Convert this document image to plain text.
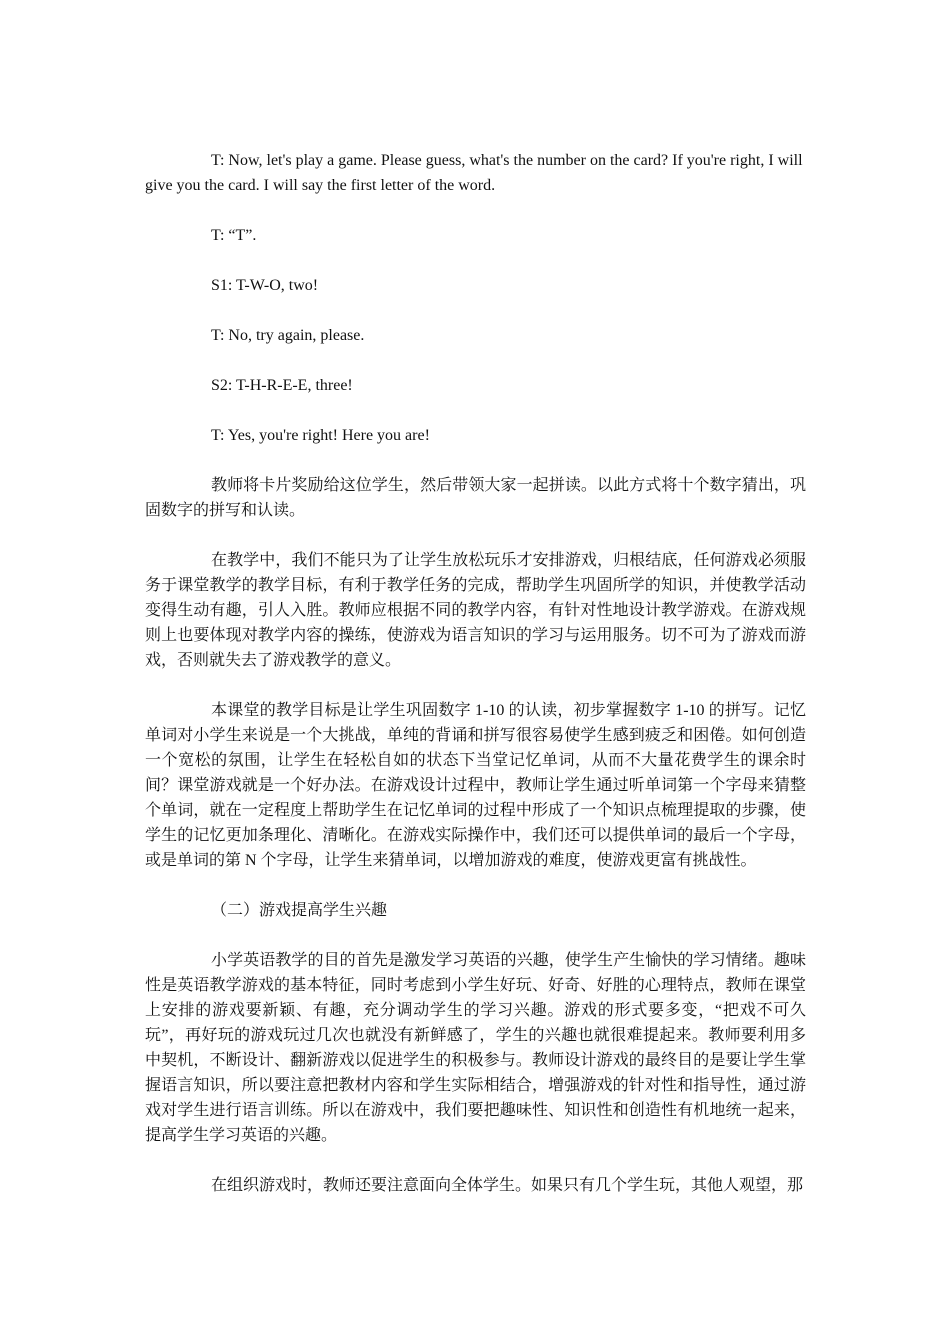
T: Now, let's play a game. Please guess, what's the number on the card? If you're right, I will give you the card. I will say the first letter of the word.

T: “T”.

S1: T-W-O, two!

T: No, try again, please.

S2: T-H-R-E-E, three!

T: Yes, you're right! Here you are!

教师将卡片奖励给这位学生，然后带领大家一起拼读。以此方式将十个数字猜出，巩固数字的拼写和认读。

在教学中，我们不能只为了让学生放松玩乐才安排游戏，归根结底，任何游戏必须服务于课堂教学的教学目标，有利于教学任务的完成，帮助学生巩固所学的知识，并使教学活动变得生动有趣，引人入胜。教师应根据不同的教学内容，有针对性地设计教学游戏。在游戏规则上也要体现对教学内容的操练，使游戏为语言知识的学习与运用服务。切不可为了游戏而游戏，否则就失去了游戏教学的意义。

本课堂的教学目标是让学生巩固数字 1-10 的认读，初步掌握数字 1-10 的拼写。记忆单词对小学生来说是一个大挑战，单纯的背诵和拼写很容易使学生感到疲乏和困倦。如何创造一个宽松的氛围，让学生在轻松自如的状态下当堂记忆单词，从而不大量花费学生的课余时间？课堂游戏就是一个好办法。在游戏设计过程中，教师让学生通过听单词第一个字母来猜整个单词，就在一定程度上帮助学生在记忆单词的过程中形成了一个知识点梳理提取的步骤，使学生的记忆更加条理化、清晰化。在游戏实际操作中，我们还可以提供单词的最后一个字母，或是单词的第 N 个字母，让学生来猜单词，以增加游戏的难度，使游戏更富有挑战性。

（二）游戏提高学生兴趣

小学英语教学的目的首先是激发学习英语的兴趣，使学生产生愉快的学习情绪。趣味性是英语教学游戏的基本特征，同时考虑到小学生好玩、好奇、好胜的心理特点，教师在课堂上安排的游戏要新颖、有趣，充分调动学生的学习兴趣。游戏的形式要多变，“把戏不可久玩”，再好玩的游戏玩过几次也就没有新鲜感了，学生的兴趣也就很难提起来。教师要利用多中契机，不断设计、翻新游戏以促进学生的积极参与。教师设计游戏的最终目的是要让学生掌握语言知识，所以要注意把教材内容和学生实际相结合，增强游戏的针对性和指导性，通过游戏对学生进行语言训练。所以在游戏中，我们要把趣味性、知识性和创造性有机地统一起来，提高学生学习英语的兴趣。

在组织游戏时，教师还要注意面向全体学生。如果只有几个学生玩，其他人观望，那
